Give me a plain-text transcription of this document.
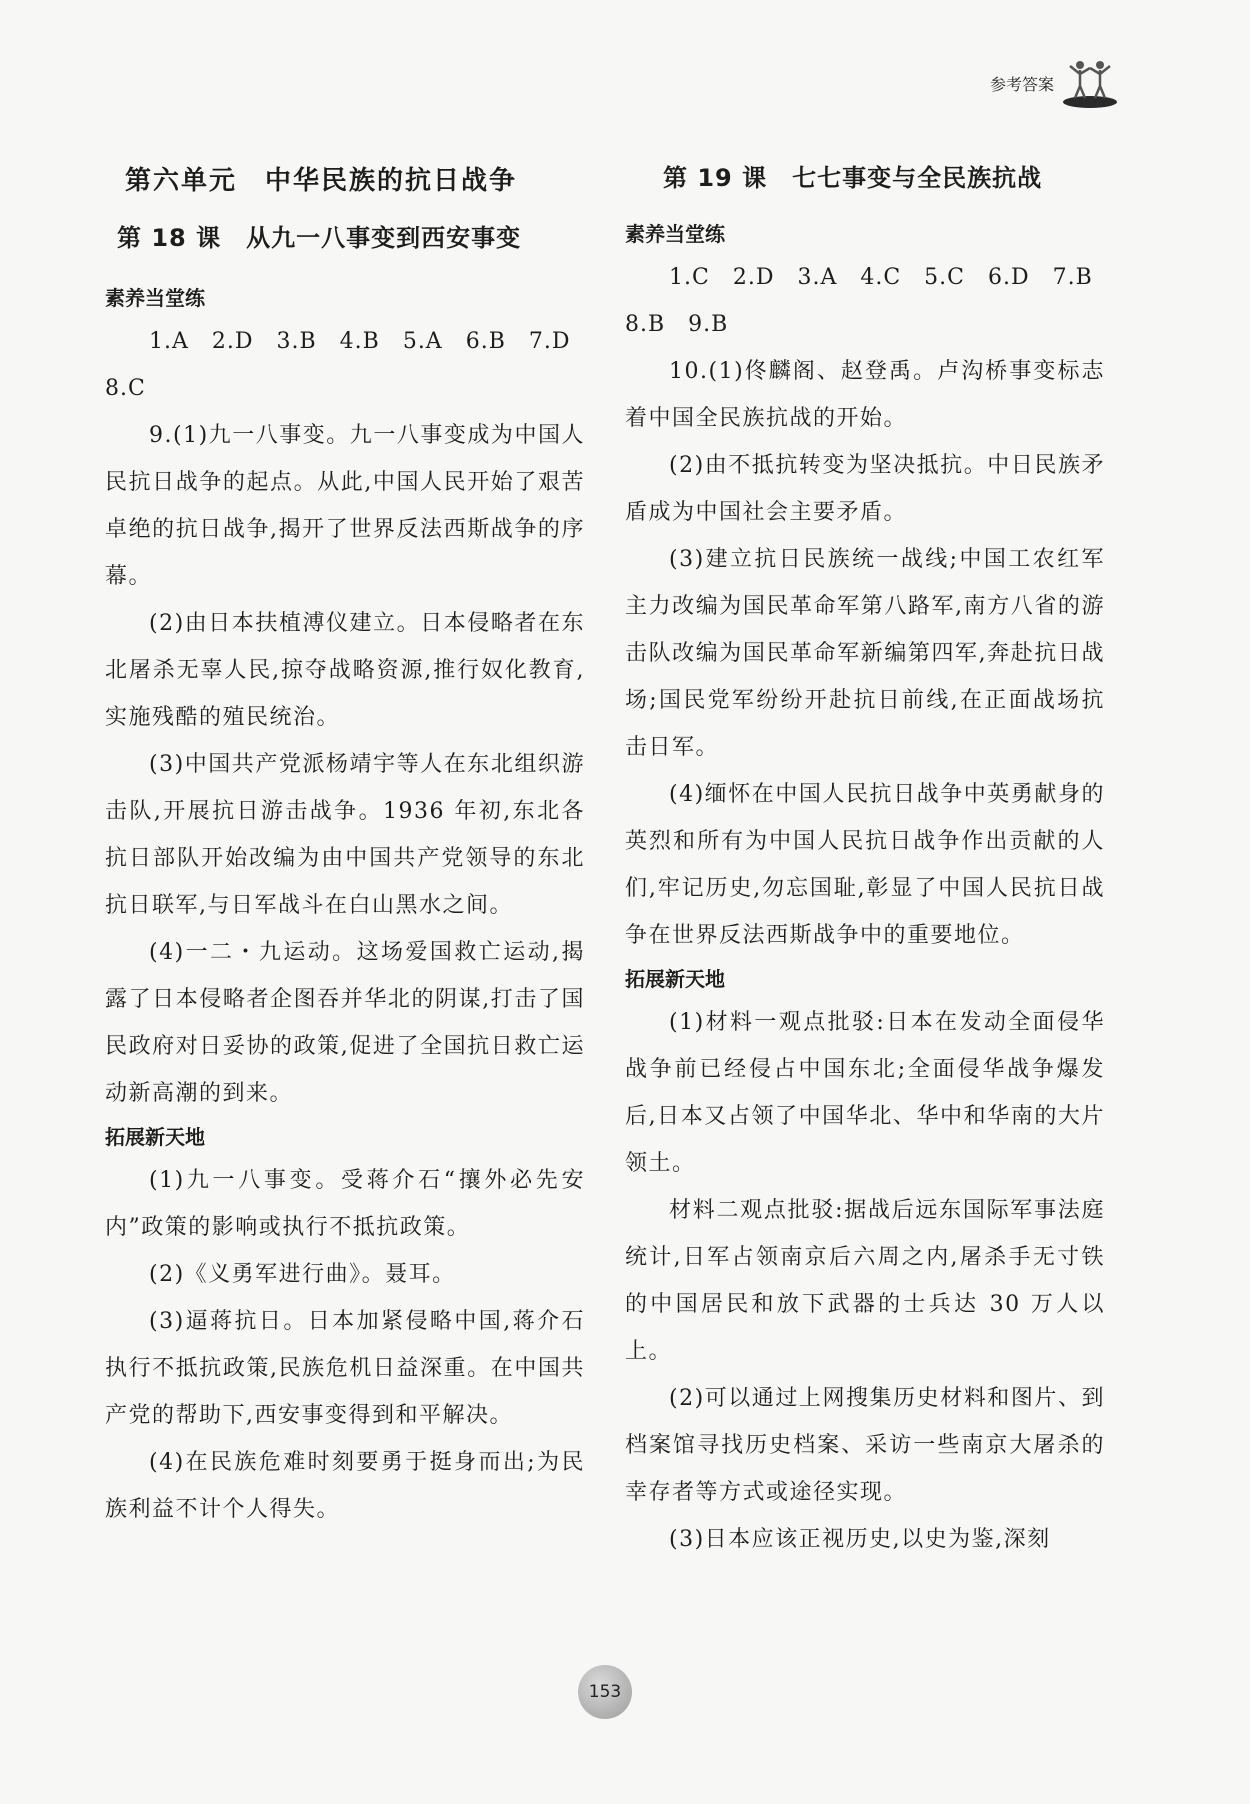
参考答案
第六单元　中华民族的抗日战争
第 18 课　从九一八事变到西安事变
素养当堂练
1.A　2.D　3.B　4.B　5.A　6.B　7.D
8.C

9.(1)九一八事变。九一八事变成为中国人民抗日战争的起点。从此,中国人民开始了艰苦卓绝的抗日战争,揭开了世界反法西斯战争的序幕。

(2)由日本扶植溥仪建立。日本侵略者在东北屠杀无辜人民,掠夺战略资源,推行奴化教育,实施残酷的殖民统治。

(3)中国共产党派杨靖宇等人在东北组织游击队,开展抗日游击战争。1936 年初,东北各抗日部队开始改编为由中国共产党领导的东北抗日联军,与日军战斗在白山黑水之间。

(4)一二・九运动。这场爱国救亡运动,揭露了日本侵略者企图吞并华北的阴谋,打击了国民政府对日妥协的政策,促进了全国抗日救亡运动新高潮的到来。

拓展新天地

(1)九一八事变。受蒋介石“攘外必先安内”政策的影响或执行不抵抗政策。

(2)《义勇军进行曲》。聂耳。

(3)逼蒋抗日。日本加紧侵略中国,蒋介石执行不抵抗政策,民族危机日益深重。在中国共产党的帮助下,西安事变得到和平解决。

(4)在民族危难时刻要勇于挺身而出;为民族利益不计个人得失。

第 19 课　七七事变与全民族抗战
素养当堂练
1.C　2.D　3.A　4.C　5.C　6.D　7.B
8.B　9.B

10.(1)佟麟阁、赵登禹。卢沟桥事变标志着中国全民族抗战的开始。

(2)由不抵抗转变为坚决抵抗。中日民族矛盾成为中国社会主要矛盾。

(3)建立抗日民族统一战线;中国工农红军主力改编为国民革命军第八路军,南方八省的游击队改编为国民革命军新编第四军,奔赴抗日战场;国民党军纷纷开赴抗日前线,在正面战场抗击日军。

(4)缅怀在中国人民抗日战争中英勇献身的英烈和所有为中国人民抗日战争作出贡献的人们,牢记历史,勿忘国耻,彰显了中国人民抗日战争在世界反法西斯战争中的重要地位。

拓展新天地

(1)材料一观点批驳:日本在发动全面侵华战争前已经侵占中国东北;全面侵华战争爆发后,日本又占领了中国华北、华中和华南的大片领土。

材料二观点批驳:据战后远东国际军事法庭统计,日军占领南京后六周之内,屠杀手无寸铁的中国居民和放下武器的士兵达 30 万人以上。

(2)可以通过上网搜集历史材料和图片、到档案馆寻找历史档案、采访一些南京大屠杀的幸存者等方式或途径实现。

(3)日本应该正视历史,以史为鉴,深刻

153
